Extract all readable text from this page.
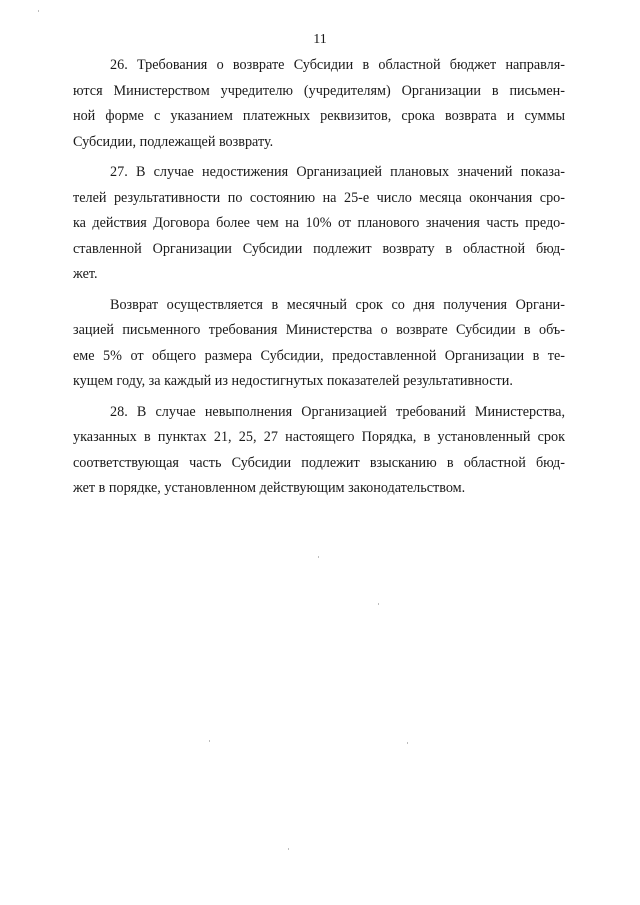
11

26. Требования о возврате Субсидии в областной бюджет направля-
ются Министерством учредителю (учредителям) Организации в письмен-
ной форме с указанием платежных реквизитов, срока возврата и суммы
Субсидии, подлежащей возврату.

27. В случае недостижения Организацией плановых значений показа-
телей результативности по состоянию на 25-е число месяца окончания сро-
ка действия Договора более чем на 10% от планового значения часть предо-
ставленной Организации Субсидии подлежит возврату в областной бюд-
жет.

Возврат осуществляется в месячный срок со дня получения Органи-
зацией письменного требования Министерства о возврате Субсидии в объ-
еме 5% от общего размера Субсидии, предоставленной Организации в те-
кущем году, за каждый из недостигнутых показателей результативности.

28. В случае невыполнения Организацией требований Министерства,
указанных в пунктах 21, 25, 27 настоящего Порядка, в установленный срок
соответствующая часть Субсидии подлежит взысканию в областной бюд-
жет в порядке, установленном действующим законодательством.
